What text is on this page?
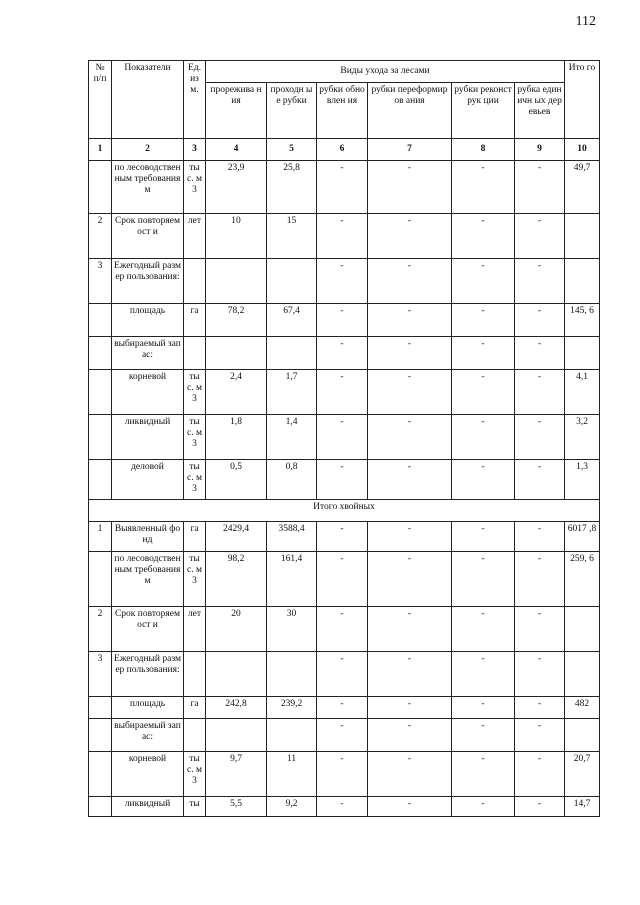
112
№ п/п	Показатели	Ед. изм.	Виды ухода за лесами						Ито го
			прорежива ния	проходн ые рубки	рубки обновлен ия	рубки переформиров ания	рубки реконструк ции	рубка единичн ых деревьев	
1	2	3	4	5	6	7	8	9	10
	по лесоводствен ным требованиям	ты с. м3	23,9	25,8	-	-	-	-	49,7
2	Срок повторяемост и	лет	10	15	-	-	-	-	
3	Ежегодный размер пользования:				-	-	-	-	
	площадь	га	78,2	67,4	-	-	-	-	145, 6
	выбираемый запас:				-	-	-	-	
	корневой	ты с. м3	2,4	1,7	-	-	-	-	4,1
	ликвидный	ты с. м3	1,8	1,4	-	-	-	-	3,2
	деловой	ты с. м3	0,5	0,8	-	-	-	-	1,3
Итого хвойных									
1	Выявленный фонд	га	2429,4	3588,4	-	-	-	-	6017 ,8
	по лесоводствен ным требованиям	ты с. м3	98,2	161,4	-	-	-	-	259, 6
2	Срок повторяемост и	лет	20	30	-	-	-	-	
3	Ежегодный размер пользования:				-	-	-	-	
	площадь	га	242,8	239,2	-	-	-	-	482
	выбираемый запас:				-	-	-	-	
	корневой	ты с. м3	9,7	11	-	-	-	-	20,7
	ликвидный	ты	5,5	9,2	-	-	-	-	14,7
